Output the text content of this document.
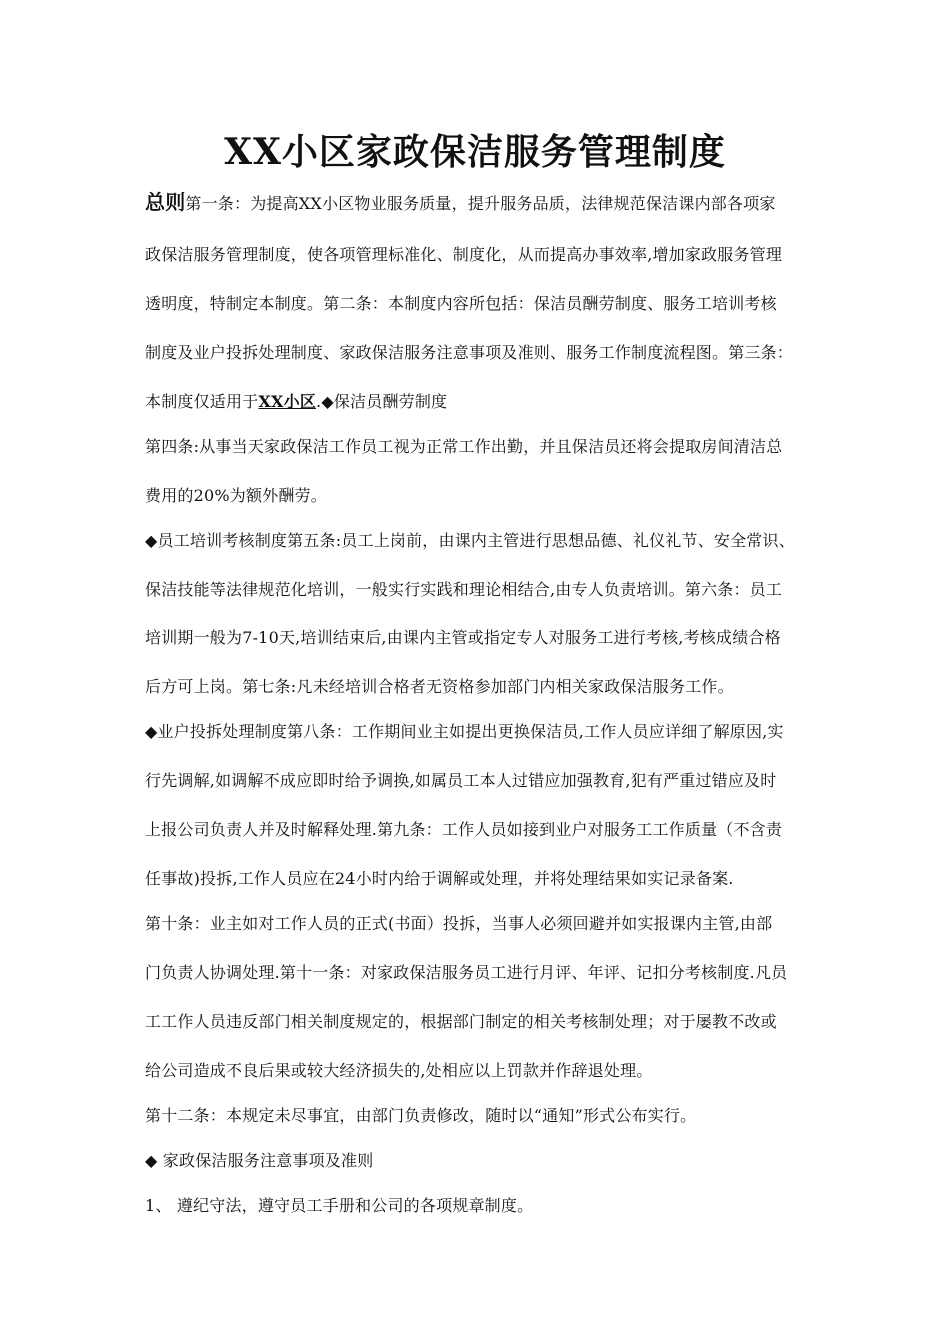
XX小区家政保洁服务管理制度
总则第一条：为提高XX小区物业服务质量，提升服务品质，法律规范保洁课内部各项家
政保洁服务管理制度，使各项管理标准化、制度化，从而提高办事效率,增加家政服务管理
透明度，特制定本制度。第二条：本制度内容所包括：保洁员酬劳制度、服务工培训考核
制度及业户投拆处理制度、家政保洁服务注意事项及准则、服务工作制度流程图。第三条：
本制度仅适用于XX小区.◆保洁员酬劳制度
第四条:从事当天家政保洁工作员工视为正常工作出勤，并且保洁员还将会提取房间清洁总
费用的20%为额外酬劳。
◆员工培训考核制度第五条:员工上岗前，由课内主管进行思想品德、礼仪礼节、安全常识、
保洁技能等法律规范化培训，一般实行实践和理论相结合,由专人负责培训。第六条：员工
培训期一般为7-10天,培训结束后,由课内主管或指定专人对服务工进行考核,考核成绩合格
后方可上岗。第七条:凡未经培训合格者无资格参加部门内相关家政保洁服务工作。
◆业户投拆处理制度第八条：工作期间业主如提出更换保洁员,工作人员应详细了解原因,实
行先调解,如调解不成应即时给予调换,如属员工本人过错应加强教育,犯有严重过错应及时
上报公司负责人并及时解释处理.第九条：工作人员如接到业户对服务工工作质量（不含责
任事故)投拆,工作人员应在24小时内给于调解或处理，并将处理结果如实记录备案.
第十条：业主如对工作人员的正式(书面）投拆，当事人必须回避并如实报课内主管,由部
门负责人协调处理.第十一条：对家政保洁服务员工进行月评、年评、记扣分考核制度.凡员
工工作人员违反部门相关制度规定的，根据部门制定的相关考核制处理；对于屡教不改或
给公司造成不良后果或较大经济损失的,处相应以上罚款并作辞退处理。
第十二条：本规定未尽事宜，由部门负责修改，随时以“通知”形式公布实行。
◆ 家政保洁服务注意事项及准则
1、 遵纪守法，遵守员工手册和公司的各项规章制度。
